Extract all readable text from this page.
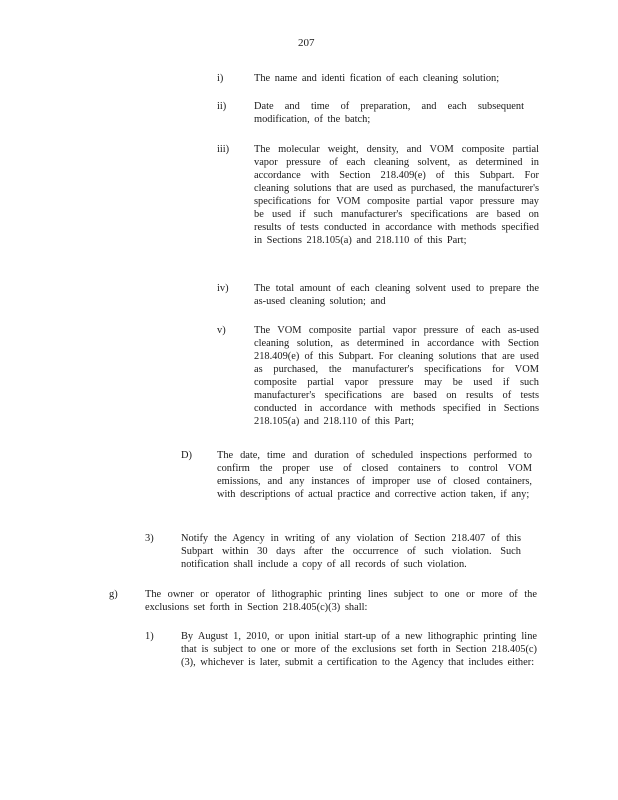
207
i)	The name and identi fication of each cleaning solution;
ii)	Date and time of preparation, and each subsequent modification, of the batch;
iii) The molecular weight, density, and VOM composite partial vapor pressure of each cleaning solvent, as determined in accordance with Section 218.409(e) of this Subpart. For cleaning solutions that are used as purchased, the manufacturer's specifications for VOM composite partial vapor pressure may be used if such manufacturer's specifications are based on results of tests conducted in accordance with methods specified in Sections 218.105(a) and 218.110 of this Part;
iv) The total amount of each cleaning solvent used to prepare the as-used cleaning solution; and
v)	The VOM composite partial vapor pressure of each as-used cleaning solution, as determined in accordance with Section 218.409(e) of this Subpart. For cleaning solutions that are used as purchased, the manufacturer's specifications for VOM composite partial vapor pressure may be used if such manufacturer's specifications are based on results of tests conducted in accordance with methods specified in Sections 218.105(a) and 218.110 of this Part;
D) The date, time and duration of scheduled inspections performed to confirm the proper use of closed containers to control VOM emissions, and any instances of improper use of closed containers, with descriptions of actual practice and corrective action taken, if any;
3)	Notify the Agency in writing of any violation of Section 218.407 of this Subpart within 30 days after the occurrence of such violation. Such notification shall include a copy of all records of such violation.
g)	The owner or operator of lithographic printing lines subject to one or more of the exclusions set forth in Section 218.405(c)(3) shall:
1)	By August 1, 2010, or upon initial start-up of a new lithographic printing line that is subject to one or more of the exclusions set forth in Section 218.405(c)(3), whichever is later, submit a certification to the Agency that includes either:
